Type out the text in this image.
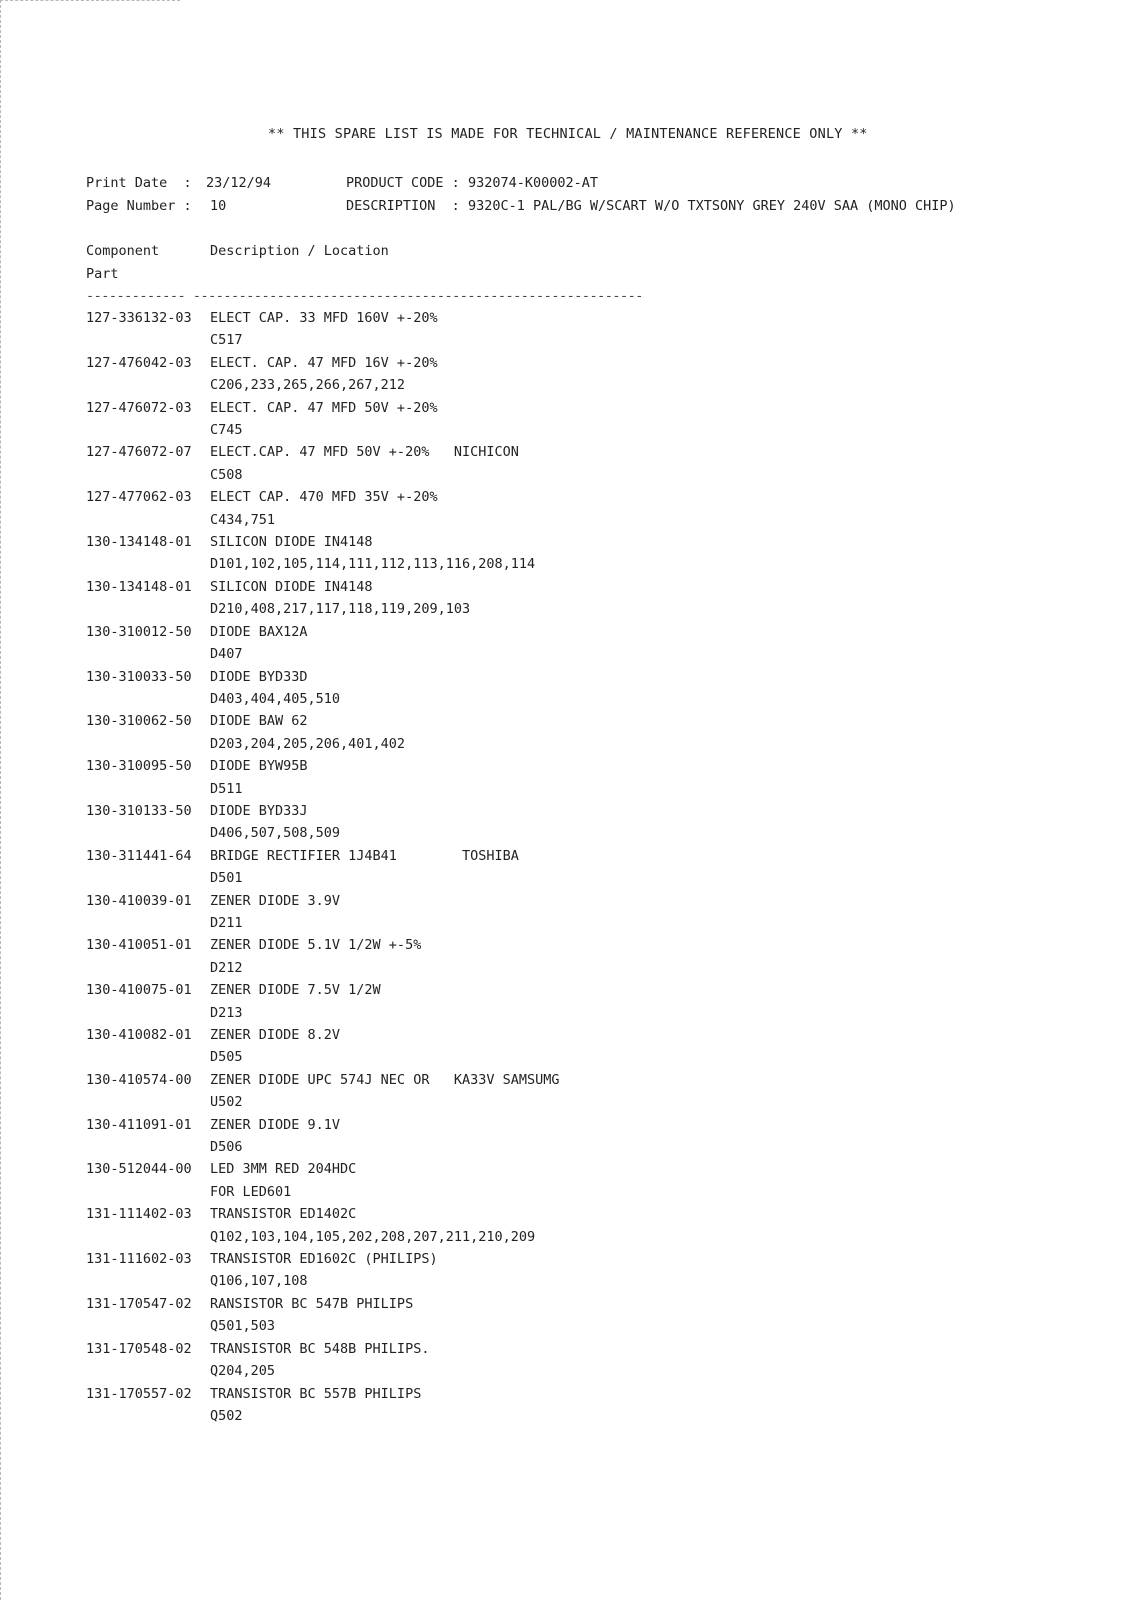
** THIS SPARE LIST IS MADE FOR TECHNICAL / MAINTENANCE REFERENCE ONLY **
Print Date  :	23/12/94	PRODUCT CODE : 932074-K00002-AT
Page Number :	10	DESCRIPTION  : 9320C-1 PAL/BG W/SCART W/O TXTSONY GREY 240V SAA (MONO CHIP)
Component	Description / Location
Part
------------- -----------------------------------------------------------
127-336132-03	ELECT CAP. 33 MFD 160V +-20%
C517
127-476042-03	ELECT. CAP. 47 MFD 16V +-20%
C206,233,265,266,267,212
127-476072-03	ELECT. CAP. 47 MFD 50V +-20%
C745
127-476072-07	ELECT.CAP. 47 MFD 50V +-20%   NICHICON
C508
127-477062-03	ELECT CAP. 470 MFD 35V +-20%
C434,751
130-134148-01	SILICON DIODE IN4148
D101,102,105,114,111,112,113,116,208,114
130-134148-01	SILICON DIODE IN4148
D210,408,217,117,118,119,209,103
130-310012-50	DIODE BAX12A
D407
130-310033-50	DIODE BYD33D
D403,404,405,510
130-310062-50	DIODE BAW 62
D203,204,205,206,401,402
130-310095-50	DIODE BYW95B
D511
130-310133-50	DIODE BYD33J
D406,507,508,509
130-311441-64	BRIDGE RECTIFIER 1J4B41        TOSHIBA
D501
130-410039-01	ZENER DIODE 3.9V
D211
130-410051-01	ZENER DIODE 5.1V 1/2W +-5%
D212
130-410075-01	ZENER DIODE 7.5V 1/2W
D213
130-410082-01	ZENER DIODE 8.2V
D505
130-410574-00	ZENER DIODE UPC 574J NEC OR   KA33V SAMSUMG
U502
130-411091-01	ZENER DIODE 9.1V
D506
130-512044-00	LED 3MM RED 204HDC
FOR LED601
131-111402-03	TRANSISTOR ED1402C
Q102,103,104,105,202,208,207,211,210,209
131-111602-03	TRANSISTOR ED1602C (PHILIPS)
Q106,107,108
131-170547-02	RANSISTOR BC 547B PHILIPS
Q501,503
131-170548-02	TRANSISTOR BC 548B PHILIPS.
Q204,205
131-170557-02	TRANSISTOR BC 557B PHILIPS
Q502
